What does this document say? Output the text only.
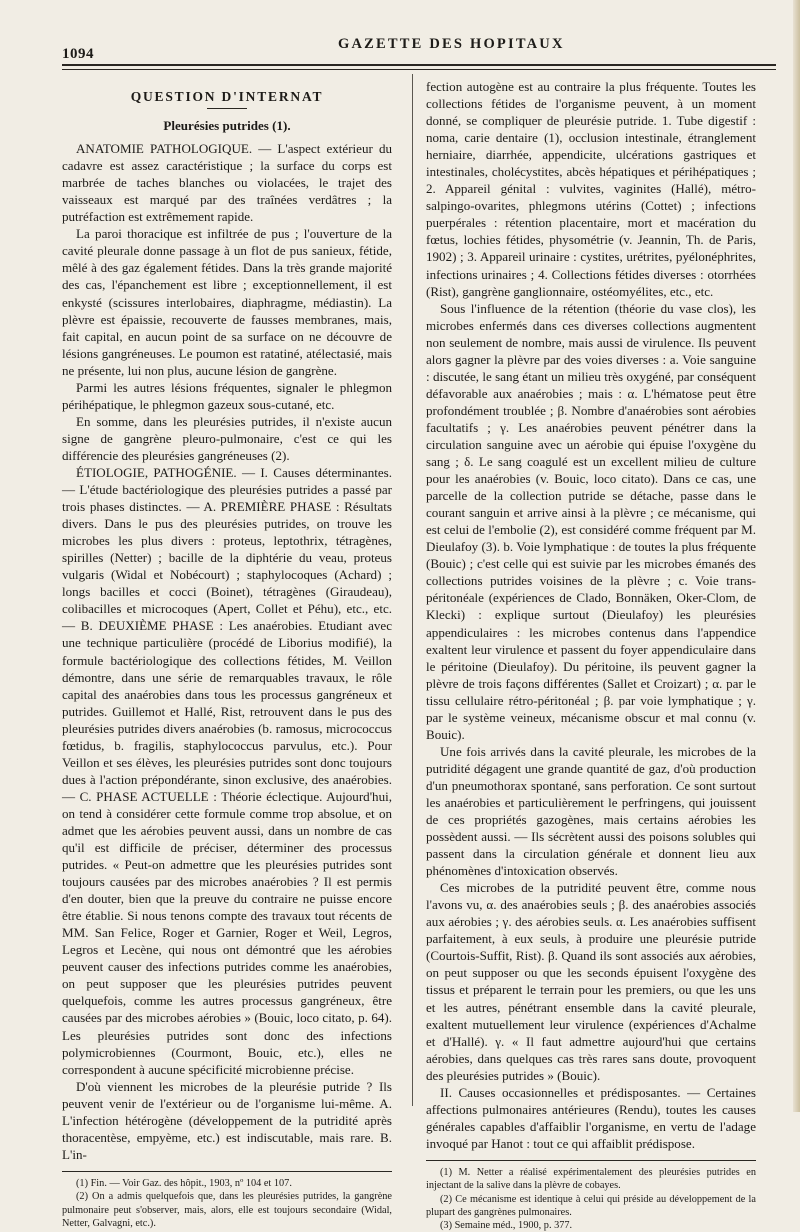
1094
GAZETTE DES HOPITAUX

QUESTION D'INTERNAT

Pleurésies putrides (1).

ANATOMIE PATHOLOGIQUE. — L'aspect extérieur du cadavre est assez caractéristique ; la surface du corps est marbrée de taches blanches ou violacées, le trajet des vaisseaux est marqué par des traînées verdâtres ; la putréfaction est extrêmement rapide.

La paroi thoracique est infiltrée de pus ; l'ouverture de la cavité pleurale donne passage à un flot de pus sanieux, fétide, mêlé à des gaz également fétides. Dans la très grande majorité des cas, l'épanchement est libre ; exceptionnellement, il est enkysté (scissures interlobaires, diaphragme, médiastin). La plèvre est épaissie, recouverte de fausses membranes, mais, fait capital, en aucun point de sa surface on ne découvre de lésions gangréneuses. Le poumon est ratatiné, atélectasié, mais ne présente, lui non plus, aucune lésion de gangrène.

Parmi les autres lésions fréquentes, signaler le phlegmon périhépatique, le phlegmon gazeux sous-cutané, etc.

En somme, dans les pleurésies putrides, il n'existe aucun signe de gangrène pleuro-pulmonaire, c'est ce qui les différencie des pleurésies gangréneuses (2).

ÉTIOLOGIE, PATHOGÉNIE. — I. Causes déterminantes. — L'étude bactériologique des pleurésies putrides a passé par trois phases distinctes. — A. PREMIÈRE PHASE : Résultats divers. Dans le pus des pleurésies putrides, on trouve les microbes les plus divers : proteus, leptothrix, tétragènes, spirilles (Netter) ; bacille de la diphtérie du veau, proteus vulgaris (Widal et Nobécourt) ; staphylocoques (Achard) ; longs bacilles et cocci (Boinet), tétragènes (Giraudeau), colibacilles et microcoques (Apert, Collet et Péhu), etc., etc. — B. DEUXIÈME PHASE : Les anaérobies. Etudiant avec une technique particulière (procédé de Liborius modifié), la formule bactériologique des collections fétides, M. Veillon démontre, dans une série de remarquables travaux, le rôle capital des anaérobies dans tous les processus gangréneux et putrides. Guillemot et Hallé, Rist, retrouvent dans le pus des pleurésies putrides divers anaérobies (b. ramosus, micrococcus fœtidus, b. fragilis, staphylococcus parvulus, etc.). Pour Veillon et ses élèves, les pleurésies putrides sont donc toujours dues à l'action prépondérante, sinon exclusive, des anaérobies. — C. PHASE ACTUELLE : Théorie éclectique. Aujourd'hui, on tend à considérer cette formule comme trop absolue, et on admet que les aérobies peuvent aussi, dans un nombre de cas qu'il est difficile de préciser, déterminer des processus putrides. « Peut-on admettre que les pleurésies putrides sont toujours causées par des microbes anaérobies ? Il est permis d'en douter, bien que la preuve du contraire ne puisse encore être établie. Si nous tenons compte des travaux tout récents de MM. San Felice, Roger et Garnier, Roger et Weil, Legros, Legros et Lecène, qui nous ont démontré que les aérobies peuvent causer des infections putrides comme les anaérobies, on peut supposer que les pleurésies putrides peuvent quelquefois, comme les autres processus gangréneux, être causées par des microbes aérobies » (Bouic, loco citato, p. 64). Les pleurésies putrides sont donc des infections polymicrobiennes (Courmont, Bouic, etc.), elles ne correspondent à aucune spécificité microbienne précise.

D'où viennent les microbes de la pleurésie putride ? Ils peuvent venir de l'extérieur ou de l'organisme lui-même. A. L'infection hétérogène (développement de la putridité après thoracentèse, empyème, etc.) est indiscutable, mais rare. B. L'in-

(1) Fin. — Voir Gaz. des hôpit., 1903, nº 104 et 107.

(2) On a admis quelquefois que, dans les pleurésies putrides, la gangrène pulmonaire peut s'observer, mais, alors, elle est toujours secondaire (Widal, Netter, Galvagni, etc.).

fection autogène est au contraire la plus fréquente. Toutes les collections fétides de l'organisme peuvent, à un moment donné, se compliquer de pleurésie putride. 1. Tube digestif : noma, carie dentaire (1), occlusion intestinale, étranglement herniaire, diarrhée, appendicite, ulcérations gastriques et intestinales, cholécystites, abcès hépatiques et périhépatiques ; 2. Appareil génital : vulvites, vaginites (Hallé), métro-salpingo-ovarites, phlegmons utérins (Cottet) ; infections puerpérales : rétention placentaire, mort et macération du fœtus, lochies fétides, physométrie (v. Jeannin, Th. de Paris, 1902) ; 3. Appareil urinaire : cystites, urétrites, pyélonéphrites, infections urinaires ; 4. Collections fétides diverses : otorrhées (Rist), gangrène ganglionnaire, ostéomyélites, etc., etc.

Sous l'influence de la rétention (théorie du vase clos), les microbes enfermés dans ces diverses collections augmentent non seulement de nombre, mais aussi de virulence. Ils peuvent alors gagner la plèvre par des voies diverses : a. Voie sanguine : discutée, le sang étant un milieu très oxygéné, par conséquent défavorable aux anaérobies ; mais : α. L'hématose peut être profondément troublée ; β. Nombre d'anaérobies sont aérobies facultatifs ; γ. Les anaérobies peuvent pénétrer dans la circulation sanguine avec un aérobie qui épuise l'oxygène du sang ; δ. Le sang coagulé est un excellent milieu de culture pour les anaérobies (v. Bouic, loco citato). Dans ce cas, une parcelle de la collection putride se détache, passe dans le courant sanguin et arrive ainsi à la plèvre ; ce mécanisme, qui est celui de l'embolie (2), est considéré comme fréquent par M. Dieulafoy (3). b. Voie lymphatique : de toutes la plus fréquente (Bouic) ; c'est celle qui est suivie par les microbes émanés des collections putrides voisines de la plèvre ; c. Voie trans-péritonéale (expériences de Clado, Bonnäken, Oker-Clom, de Klecki) : explique surtout (Dieulafoy) les pleurésies appendiculaires : les microbes contenus dans l'appendice exaltent leur virulence et passent du foyer appendiculaire dans le péritoine (Dieulafoy). Du péritoine, ils peuvent gagner la plèvre de trois façons différentes (Sallet et Croizart) ; α. par le tissu cellulaire rétro-péritonéal ; β. par voie lymphatique ; γ. par le système veineux, mécanisme obscur et mal connu (v. Bouic).

Une fois arrivés dans la cavité pleurale, les microbes de la putridité dégagent une grande quantité de gaz, d'où production d'un pneumothorax spontané, sans perforation. Ce sont surtout les anaérobies et particulièrement le perfringens, qui jouissent de ces propriétés gazogènes, mais certains aérobies les possèdent aussi. — Ils sécrètent aussi des poisons solubles qui passent dans la circulation générale et donnent lieu aux phénomènes d'intoxication observés.

Ces microbes de la putridité peuvent être, comme nous l'avons vu, α. des anaérobies seuls ; β. des anaérobies associés aux aérobies ; γ. des aérobies seuls. α. Les anaérobies suffisent parfaitement, à eux seuls, à produire une pleurésie putride (Courtois-Suffit, Rist). β. Quand ils sont associés aux aérobies, on peut supposer ou que les seconds épuisent l'oxygène des tissus et préparent le terrain pour les premiers, ou que les uns et les autres, pénétrant ensemble dans la cavité pleurale, exaltent mutuellement leur virulence (expériences d'Achalme et d'Hallé). γ. « Il faut admettre aujourd'hui que certains aérobies, dans quelques cas très rares sans doute, provoquent des pleurésies putrides » (Bouic).

II. Causes occasionnelles et prédisposantes. — Certaines affections pulmonaires antérieures (Rendu), toutes les causes générales capables d'affaiblir l'organisme, en vertu de l'adage invoqué par Hanot : tout ce qui affaiblit prédispose.

(1) M. Netter a réalisé expérimentalement des pleurésies putrides en injectant de la salive dans la plèvre de cobayes.

(2) Ce mécanisme est identique à celui qui préside au développement de la plupart des gangrènes pulmonaires.

(3) Semaine méd., 1900, p. 377.
